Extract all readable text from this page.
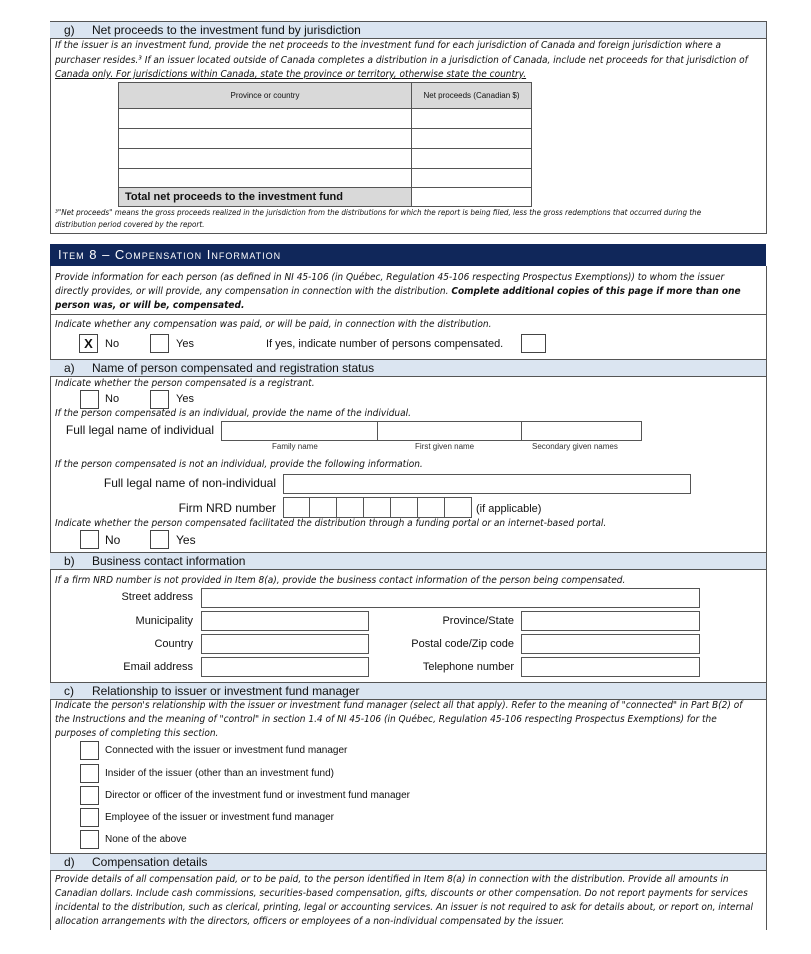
g) Net proceeds to the investment fund by jurisdiction
If the issuer is an investment fund, provide the net proceeds to the investment fund for each jurisdiction of Canada and foreign jurisdiction where a
purchaser resides.³ If an issuer located outside of Canada completes a distribution in a jurisdiction of Canada, include net proceeds for that jurisdiction of
Canada only. For jurisdictions within Canada, state the province or territory, otherwise state the country.
Province or country	Net proceeds (Canadian $)

Total net proceeds to the investment fund	
³"Net proceeds" means the gross proceeds realized in the jurisdiction from the distributions for which the report is being filed, less the gross redemptions that occurred during the
distribution period covered by the report.
Item 8 – Compensation Information
Provide information for each person (as defined in NI 45-106 (in Québec, Regulation 45-106 respecting Prospectus Exemptions)) to whom the issuer
directly provides, or will provide, any compensation in connection with the distribution. Complete additional copies of this page if more than one
person was, or will be, compensated.
Indicate whether any compensation was paid, or will be paid, in connection with the distribution.
X	No	Yes	If yes, indicate number of persons compensated.
a) Name of person compensated and registration status
Indicate whether the person compensated is a registrant.
No	Yes
If the person compensated is an individual, provide the name of the individual.
Full legal name of individual
Family name	First given name	Secondary given names
If the person compensated is not an individual, provide the following information.
Full legal name of non-individual
Firm NRD number	(if applicable)
Indicate whether the person compensated facilitated the distribution through a funding portal or an internet-based portal.
No	Yes
b) Business contact information
If a firm NRD number is not provided in Item 8(a), provide the business contact information of the person being compensated.
Street address
Municipality	Province/State
Country	Postal code/Zip code
Email address	Telephone number
c) Relationship to issuer or investment fund manager
Indicate the person's relationship with the issuer or investment fund manager (select all that apply). Refer to the meaning of "connected" in Part B(2) of
the Instructions and the meaning of "control" in section 1.4 of NI 45-106 (in Québec, Regulation 45-106 respecting Prospectus Exemptions) for the
purposes of completing this section.
Connected with the issuer or investment fund manager
Insider of the issuer (other than an investment fund)
Director or officer of the investment fund or investment fund manager
Employee of the issuer or investment fund manager
None of the above
d) Compensation details
Provide details of all compensation paid, or to be paid, to the person identified in Item 8(a) in connection with the distribution. Provide all amounts in
Canadian dollars. Include cash commissions, securities-based compensation, gifts, discounts or other compensation. Do not report payments for services
incidental to the distribution, such as clerical, printing, legal or accounting services. An issuer is not required to ask for details about, or report on, internal
allocation arrangements with the directors, officers or employees of a non-individual compensated by the issuer.
